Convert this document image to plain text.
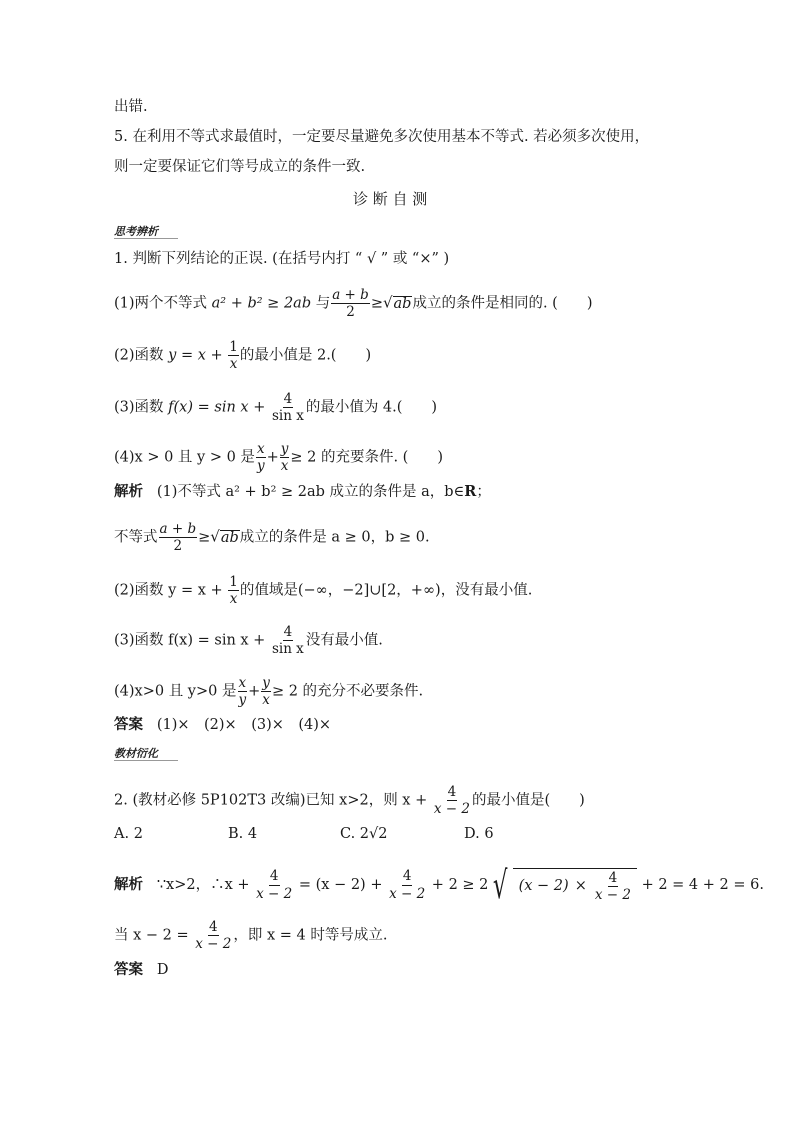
出错.
5. 在利用不等式求最值时，一定要尽量避免多次使用基本不等式. 若必须多次使用，
则一定要保证它们等号成立的条件一致.
诊 断 自 测
思考辨析
1. 判断下列结论的正误. (在括号内打 “ √ ” 或 “×” )
(1)两个不等式 a² + b² ≥ 2ab 与 $\frac{a + b}{2} \ge√ab$成立的条件是相同的. (　　)
(2)函数 $y = x + \frac{1}{x}$ 的最小值是 2.(　　)
(3)函数 $f(x) = \sin x + \frac{4}{\text{sin x}}$ 的最小值为 4.(　　)
(4)x > 0 且 y > 0 是 $\frac{x}{y} + \frac{y}{x} \ge 2$ 的充要条件. (　　)
解析 (1)不等式 a² + b² ≥ 2ab 成立的条件是 a，b∈R；
不等式 $\frac{a + b}{2} \ge√ab$成立的条件是 a ≥ 0，b ≥ 0.
(2)函数 $y = x + \frac{1}{x}$ 的值域是(−∞，−2]∪[2，+∞)，没有最小值.
(3)函数 $f(x) = \sin x + \frac{4}{\text{sin x}}$ 没有最小值.
(4)x>0 且 y>0 是 $\frac{x}{y} + \frac{y}{x} \ge 2$ 的充分不必要条件.
答案 (1)×　(2)×　(3)×　(4)×
教材衍化
2. (教材必修 5P102T3 改编)已知 x>2，则 $x + \frac{4}{x - 2}$ 的最小值是(　　)
A. 2	B. 4	C. 2√2	D. 6
解析 ∵x>2，∴x + $\frac{4}{x - 2} = (x - 2) + \frac{4}{x - 2} + 2 \ge 2$ √ $(x - 2) \times \frac{4}{x - 2} + 2 = 4 + 2 = 6$.
当 $x - 2 = \frac{4}{x - 2}$ ，即 x = 4 时等号成立.
答案 D
